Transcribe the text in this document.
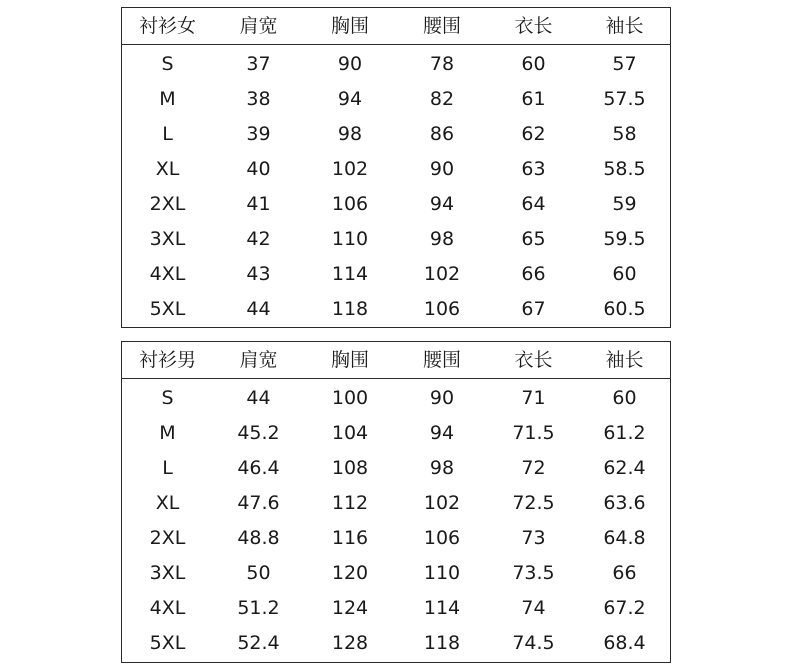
衬衫女	肩宽	胸围	腰围	衣长	袖长
S	37	90	78	60	57
M	38	94	82	61	57.5
L	39	98	86	62	58
XL	40	102	90	63	58.5
2XL	41	106	94	64	59
3XL	42	110	98	65	59.5
4XL	43	114	102	66	60
5XL	44	118	106	67	60.5
衬衫男	肩宽	胸围	腰围	衣长	袖长
S	44	100	90	71	60
M	45.2	104	94	71.5	61.2
L	46.4	108	98	72	62.4
XL	47.6	112	102	72.5	63.6
2XL	48.8	116	106	73	64.8
3XL	50	120	110	73.5	66
4XL	51.2	124	114	74	67.2
5XL	52.4	128	118	74.5	68.4
